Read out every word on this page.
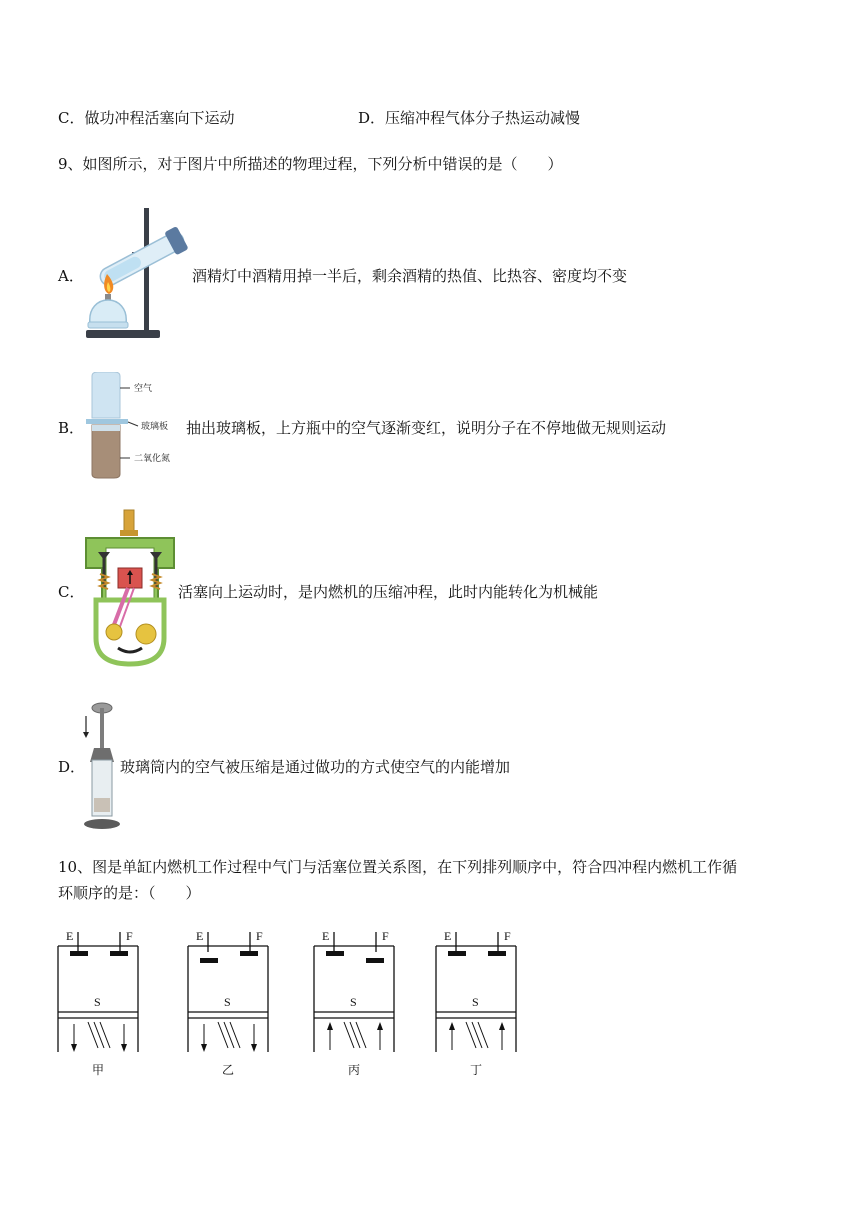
C．做功冲程活塞向下运动	D．压缩冲程气体分子热运动减慢
9、如图所示，对于图片中所描述的物理过程，下列分析中错误的是（　　）
A．	酒精灯中酒精用掉一半后，剩余酒精的热值、比热容、密度均不变
B．
空气
玻璃板
二氧化氮
抽出玻璃板，上方瓶中的空气逐渐变红，说明分子在不停地做无规则运动
C．	活塞向上运动时，是内燃机的压缩冲程，此时内能转化为机械能
D． 玻璃筒内的空气被压缩是通过做功的方式使空气的内能增加
10、图是单缸内燃机工作过程中气门与活塞位置关系图，在下列排列顺序中，符合四冲程内燃机工作循
环顺序的是：（　　）
E	F
S
甲
E	F
S
乙
E	F
S
丙
E	F
S
丁
